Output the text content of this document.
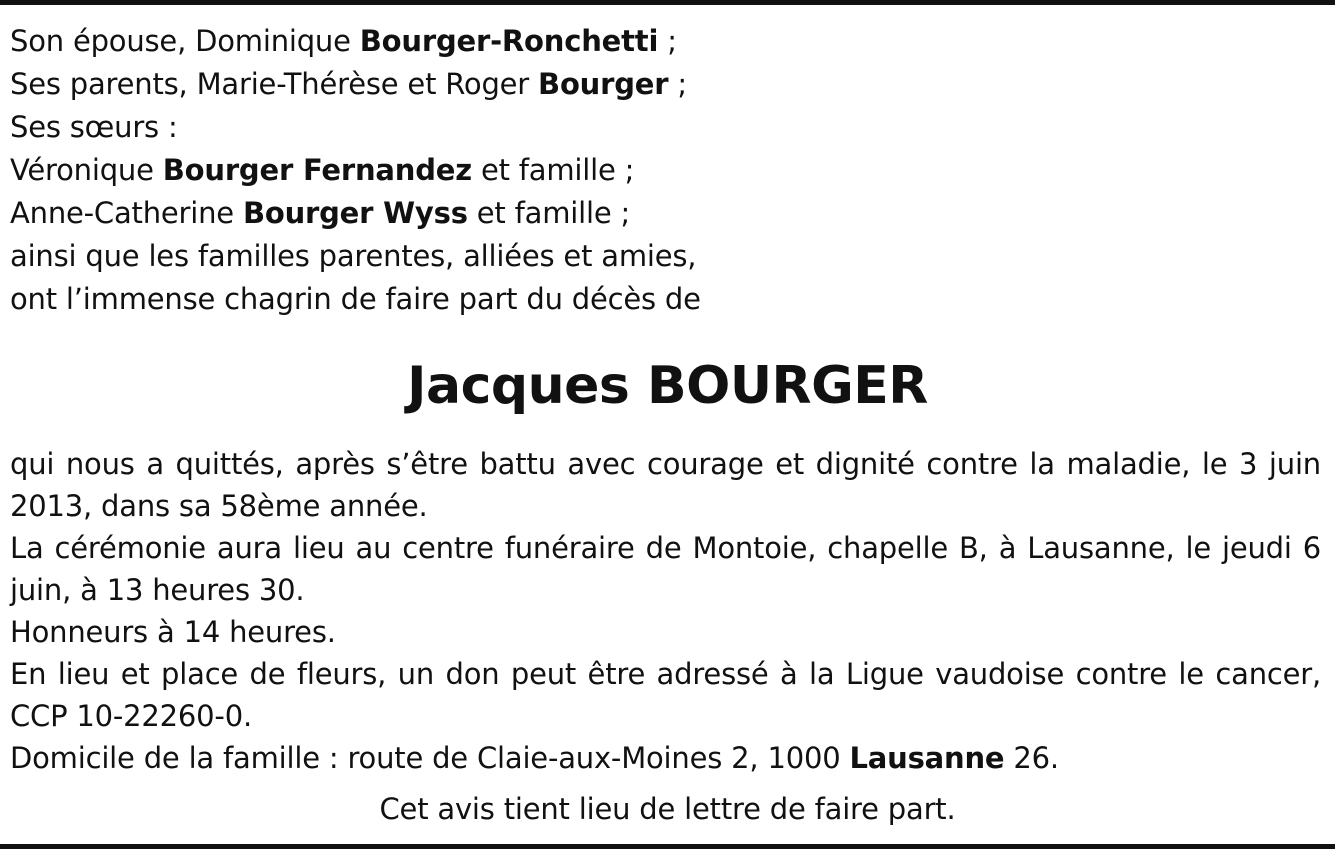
Son épouse, Dominique Bourger-Ronchetti ;
Ses parents, Marie-Thérèse et Roger Bourger ;
Ses sœurs :
Véronique Bourger Fernandez et famille ;
Anne-Catherine Bourger Wyss et famille ;
ainsi que les familles parentes, alliées et amies,
ont l’immense chagrin de faire part du décès de
Jacques BOURGER
qui nous a quittés, après s’être battu avec courage et dignité contre la maladie, le 3 juin 2013, dans sa 58ème année.
La cérémonie aura lieu au centre funéraire de Montoie, chapelle B, à Lausanne, le jeudi 6 juin, à 13 heures 30.
Honneurs à 14 heures.
En lieu et place de fleurs, un don peut être adressé à la Ligue vaudoise contre le cancer, CCP 10-22260-0.
Domicile de la famille : route de Claie-aux-Moines 2, 1000 Lausanne 26.
Cet avis tient lieu de lettre de faire part.
